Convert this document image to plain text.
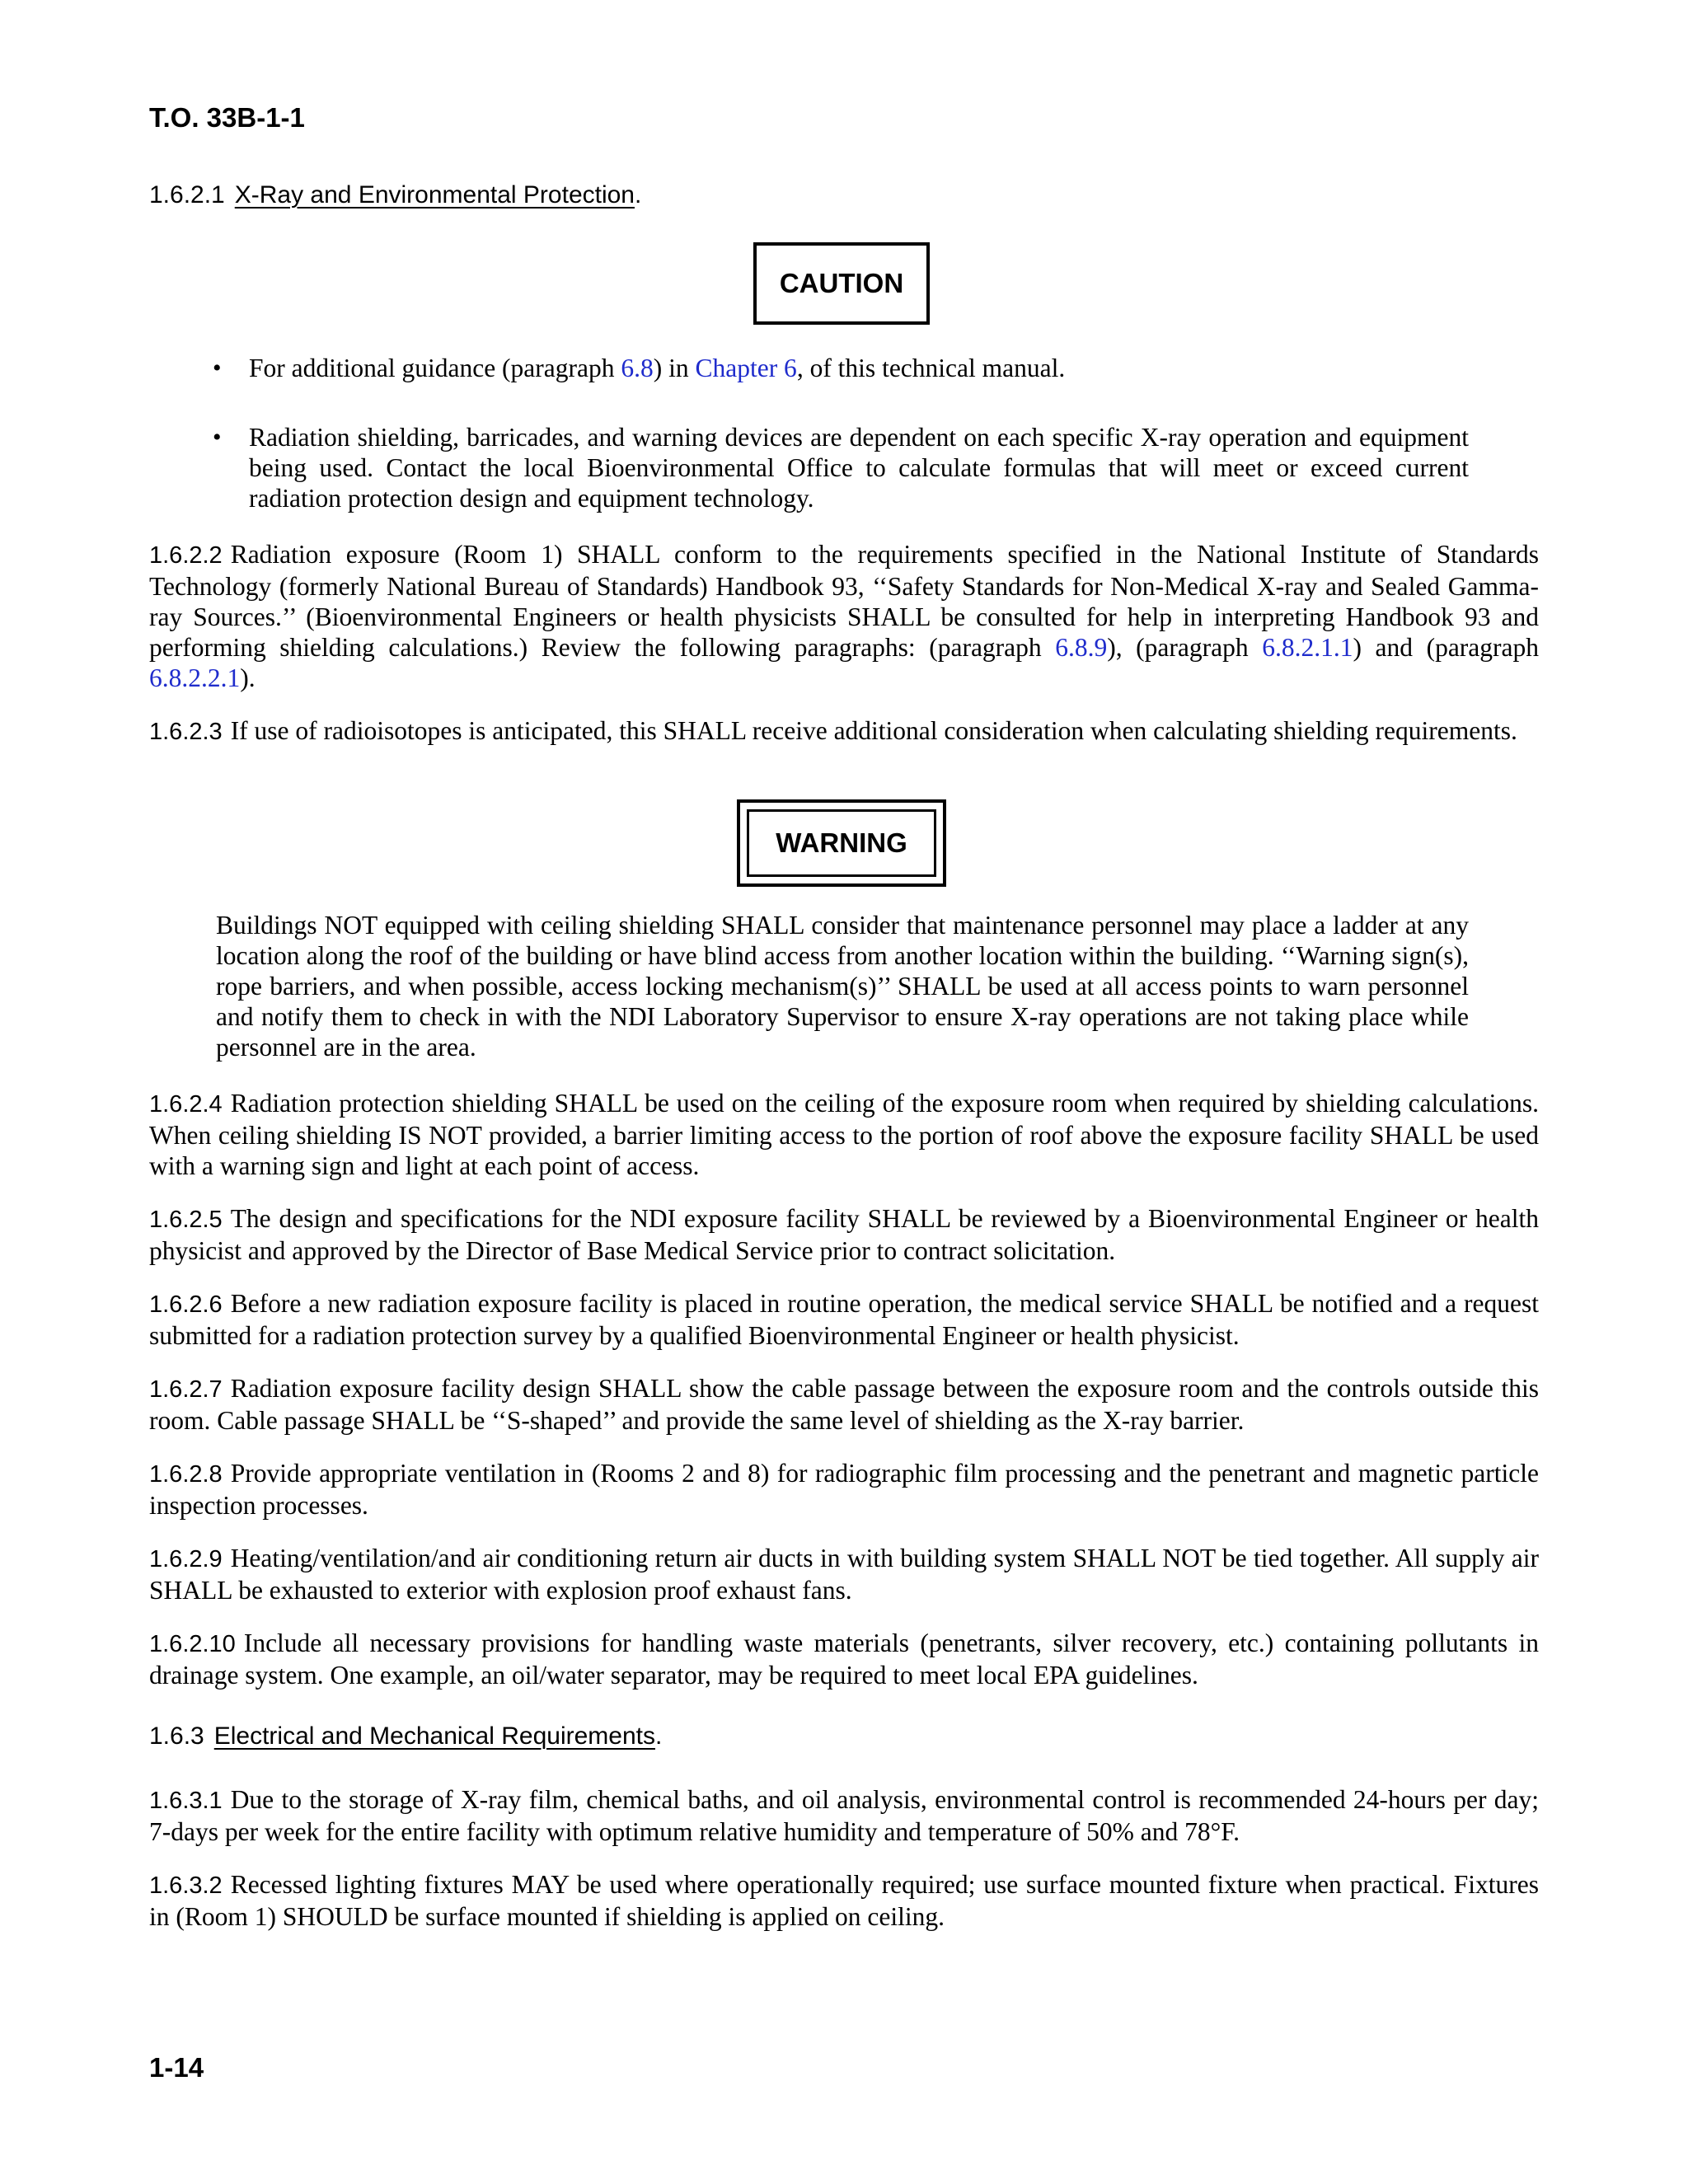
T.O. 33B-1-1
1.6.2.1 X-Ray and Environmental Protection.
CAUTION
• For additional guidance (paragraph 6.8) in Chapter 6, of this technical manual.
• Radiation shielding, barricades, and warning devices are dependent on each specific X-ray operation and equipment being used. Contact the local Bioenvironmental Office to calculate formulas that will meet or exceed current radiation protection design and equipment technology.
1.6.2.2 Radiation exposure (Room 1) SHALL conform to the requirements specified in the National Institute of Standards Technology (formerly National Bureau of Standards) Handbook 93, ‘‘Safety Standards for Non-Medical X-ray and Sealed Gamma-ray Sources.’’ (Bioenvironmental Engineers or health physicists SHALL be consulted for help in interpreting Handbook 93 and performing shielding calculations.) Review the following paragraphs: (paragraph 6.8.9), (paragraph 6.8.2.1.1) and (paragraph 6.8.2.2.1).
1.6.2.3 If use of radioisotopes is anticipated, this SHALL receive additional consideration when calculating shielding requirements.
WARNING
Buildings NOT equipped with ceiling shielding SHALL consider that maintenance personnel may place a ladder at any location along the roof of the building or have blind access from another location within the building. ‘‘Warning sign(s), rope barriers, and when possible, access locking mechanism(s)’’ SHALL be used at all access points to warn personnel and notify them to check in with the NDI Laboratory Supervisor to ensure X-ray operations are not taking place while personnel are in the area.
1.6.2.4 Radiation protection shielding SHALL be used on the ceiling of the exposure room when required by shielding calculations. When ceiling shielding IS NOT provided, a barrier limiting access to the portion of roof above the exposure facility SHALL be used with a warning sign and light at each point of access.
1.6.2.5 The design and specifications for the NDI exposure facility SHALL be reviewed by a Bioenvironmental Engineer or health physicist and approved by the Director of Base Medical Service prior to contract solicitation.
1.6.2.6 Before a new radiation exposure facility is placed in routine operation, the medical service SHALL be notified and a request submitted for a radiation protection survey by a qualified Bioenvironmental Engineer or health physicist.
1.6.2.7 Radiation exposure facility design SHALL show the cable passage between the exposure room and the controls outside this room. Cable passage SHALL be ‘‘S-shaped’’ and provide the same level of shielding as the X-ray barrier.
1.6.2.8 Provide appropriate ventilation in (Rooms 2 and 8) for radiographic film processing and the penetrant and magnetic particle inspection processes.
1.6.2.9 Heating/ventilation/and air conditioning return air ducts in with building system SHALL NOT be tied together. All supply air SHALL be exhausted to exterior with explosion proof exhaust fans.
1.6.2.10 Include all necessary provisions for handling waste materials (penetrants, silver recovery, etc.) containing pollutants in drainage system. One example, an oil/water separator, may be required to meet local EPA guidelines.
1.6.3 Electrical and Mechanical Requirements.
1.6.3.1 Due to the storage of X-ray film, chemical baths, and oil analysis, environmental control is recommended 24-hours per day; 7-days per week for the entire facility with optimum relative humidity and temperature of 50% and 78°F.
1.6.3.2 Recessed lighting fixtures MAY be used where operationally required; use surface mounted fixture when practical. Fixtures in (Room 1) SHOULD be surface mounted if shielding is applied on ceiling.
1-14
